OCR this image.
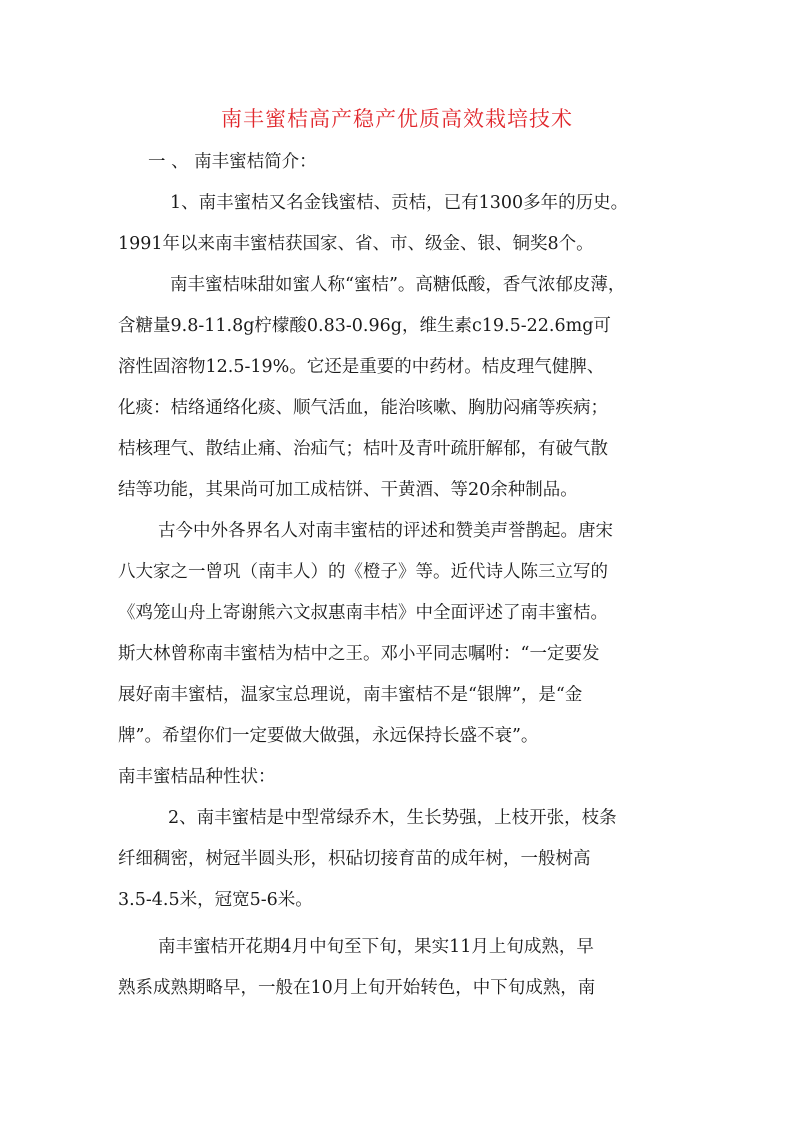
南丰蜜桔高产稳产优质高效栽培技术
一 、 南丰蜜桔简介：
1、南丰蜜桔又名金钱蜜桔、贡桔，已有1300多年的历史。
1991年以来南丰蜜桔获国家、省、市、级金、银、铜奖8个。
南丰蜜桔味甜如蜜人称“蜜桔”。高糖低酸，香气浓郁皮薄，
含糖量9.8-11.8g柠檬酸0.83-0.96g，维生素c19.5-22.6mg可
溶性固溶物12.5-19%。它还是重要的中药材。桔皮理气健脾、
化痰：桔络通络化痰、顺气活血，能治咳嗽、胸肋闷痛等疾病；
桔核理气、散结止痛、治疝气；桔叶及青叶疏肝解郁，有破气散
结等功能，其果尚可加工成桔饼、干黄酒、等20余种制品。
古今中外各界名人对南丰蜜桔的评述和赞美声誉鹊起。唐宋
八大家之一曾巩（南丰人）的《橙子》等。近代诗人陈三立写的
《鸡笼山舟上寄谢熊六文叔惠南丰桔》中全面评述了南丰蜜桔。
斯大林曾称南丰蜜桔为桔中之王。邓小平同志嘱咐：“一定要发
展好南丰蜜桔，温家宝总理说，南丰蜜桔不是“银牌”，是“金
牌”。希望你们一定要做大做强，永远保持长盛不衰”。
南丰蜜桔品种性状：
2、南丰蜜桔是中型常绿乔木，生长势强，上枝开张，枝条
纤细稠密，树冠半圆头形，枳砧切接育苗的成年树，一般树高
3.5-4.5米，冠宽5-6米。
南丰蜜桔开花期4月中旬至下旬，果实11月上旬成熟，早
熟系成熟期略早，一般在10月上旬开始转色，中下旬成熟，南
